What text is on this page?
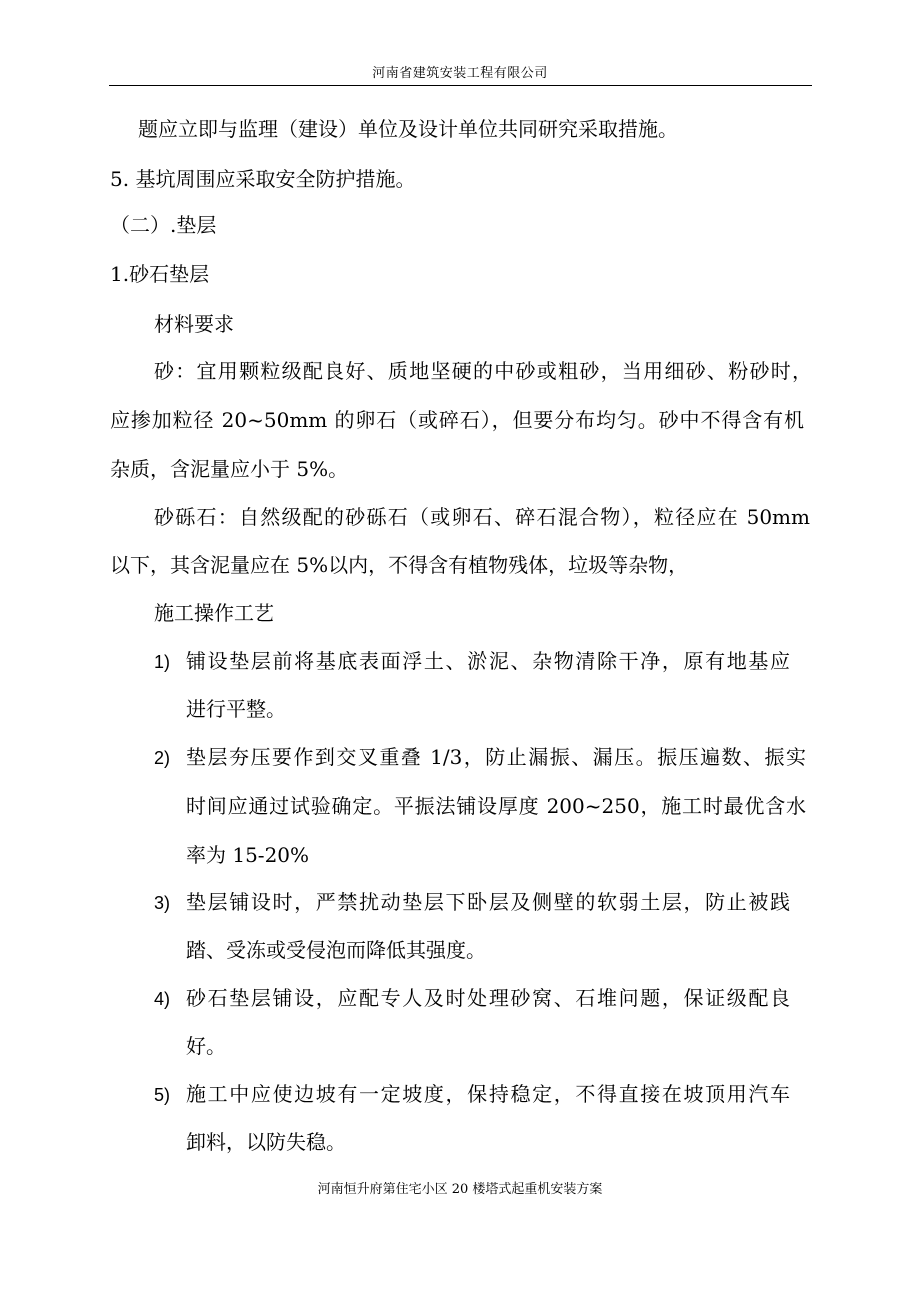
河南省建筑安装工程有限公司
题应立即与监理（建设）单位及设计单位共同研究采取措施。
5. 基坑周围应采取安全防护措施。
（二）.垫层
1.砂石垫层
材料要求
砂：宜用颗粒级配良好、质地坚硬的中砂或粗砂，当用细砂、粉砂时，
应掺加粒径 20~50mm 的卵石（或碎石），但要分布均匀。砂中不得含有机
杂质，含泥量应小于 5%。
砂砾石：自然级配的砂砾石（或卵石、碎石混合物），粒径应在 50mm
以下，其含泥量应在 5%以内，不得含有植物残体，垃圾等杂物，
施工操作工艺
1) 铺设垫层前将基底表面浮土、淤泥、杂物清除干净，原有地基应
进行平整。
2) 垫层夯压要作到交叉重叠 1/3，防止漏振、漏压。振压遍数、振实
时间应通过试验确定。平振法铺设厚度 200~250，施工时最优含水
率为 15-20%
3) 垫层铺设时，严禁扰动垫层下卧层及侧壁的软弱土层，防止被践
踏、受冻或受侵泡而降低其强度。
4) 砂石垫层铺设，应配专人及时处理砂窝、石堆问题，保证级配良
好。
5) 施工中应使边坡有一定坡度，保持稳定，不得直接在坡顶用汽车
卸料，以防失稳。
河南恒升府第住宅小区 20 楼塔式起重机安装方案
